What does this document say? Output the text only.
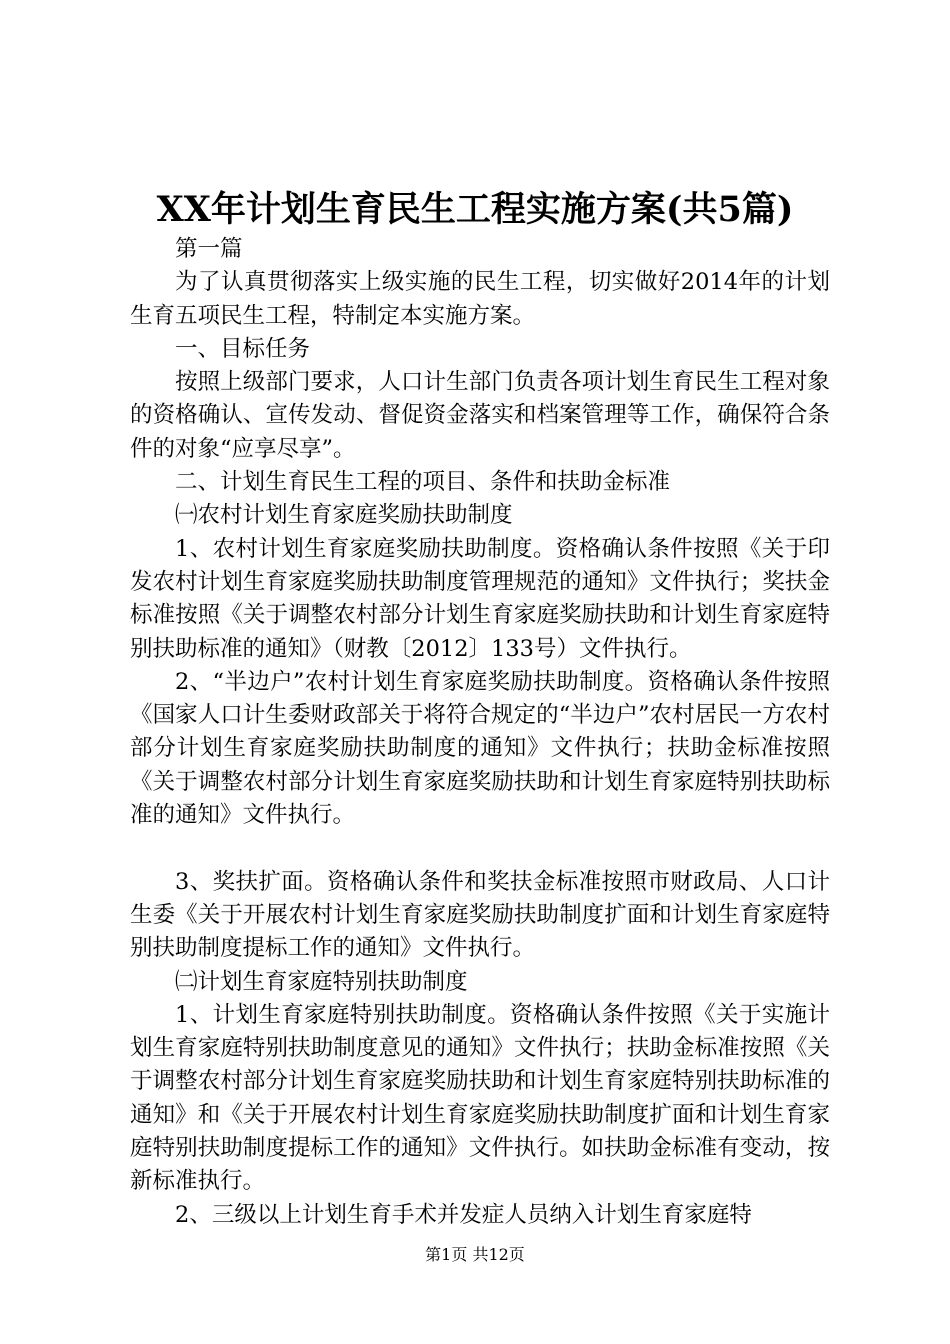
XX年计划生育民生工程实施方案(共5篇)

第一篇

为了认真贯彻落实上级实施的民生工程，切实做好2014年的计划生育五项民生工程，特制定本实施方案。

一、目标任务

按照上级部门要求，人口计生部门负责各项计划生育民生工程对象的资格确认、宣传发动、督促资金落实和档案管理等工作，确保符合条件的对象“应享尽享”。

二、计划生育民生工程的项目、条件和扶助金标准

㈠农村计划生育家庭奖励扶助制度

1、农村计划生育家庭奖励扶助制度。资格确认条件按照《关于印发农村计划生育家庭奖励扶助制度管理规范的通知》文件执行；奖扶金标准按照《关于调整农村部分计划生育家庭奖励扶助和计划生育家庭特别扶助标准的通知》（财教〔2012〕133号）文件执行。

2、“半边户”农村计划生育家庭奖励扶助制度。资格确认条件按照《国家人口计生委财政部关于将符合规定的“半边户”农村居民一方农村部分计划生育家庭奖励扶助制度的通知》文件执行；扶助金标准按照《关于调整农村部分计划生育家庭奖励扶助和计划生育家庭特别扶助标准的通知》文件执行。

3、奖扶扩面。资格确认条件和奖扶金标准按照市财政局、人口计生委《关于开展农村计划生育家庭奖励扶助制度扩面和计划生育家庭特别扶助制度提标工作的通知》文件执行。

㈡计划生育家庭特别扶助制度

1、计划生育家庭特别扶助制度。资格确认条件按照《关于实施计划生育家庭特别扶助制度意见的通知》文件执行；扶助金标准按照《关于调整农村部分计划生育家庭奖励扶助和计划生育家庭特别扶助标准的通知》和《关于开展农村计划生育家庭奖励扶助制度扩面和计划生育家庭特别扶助制度提标工作的通知》文件执行。如扶助金标准有变动，按新标准执行。

2、三级以上计划生育手术并发症人员纳入计划生育家庭特

第1页 共12页
